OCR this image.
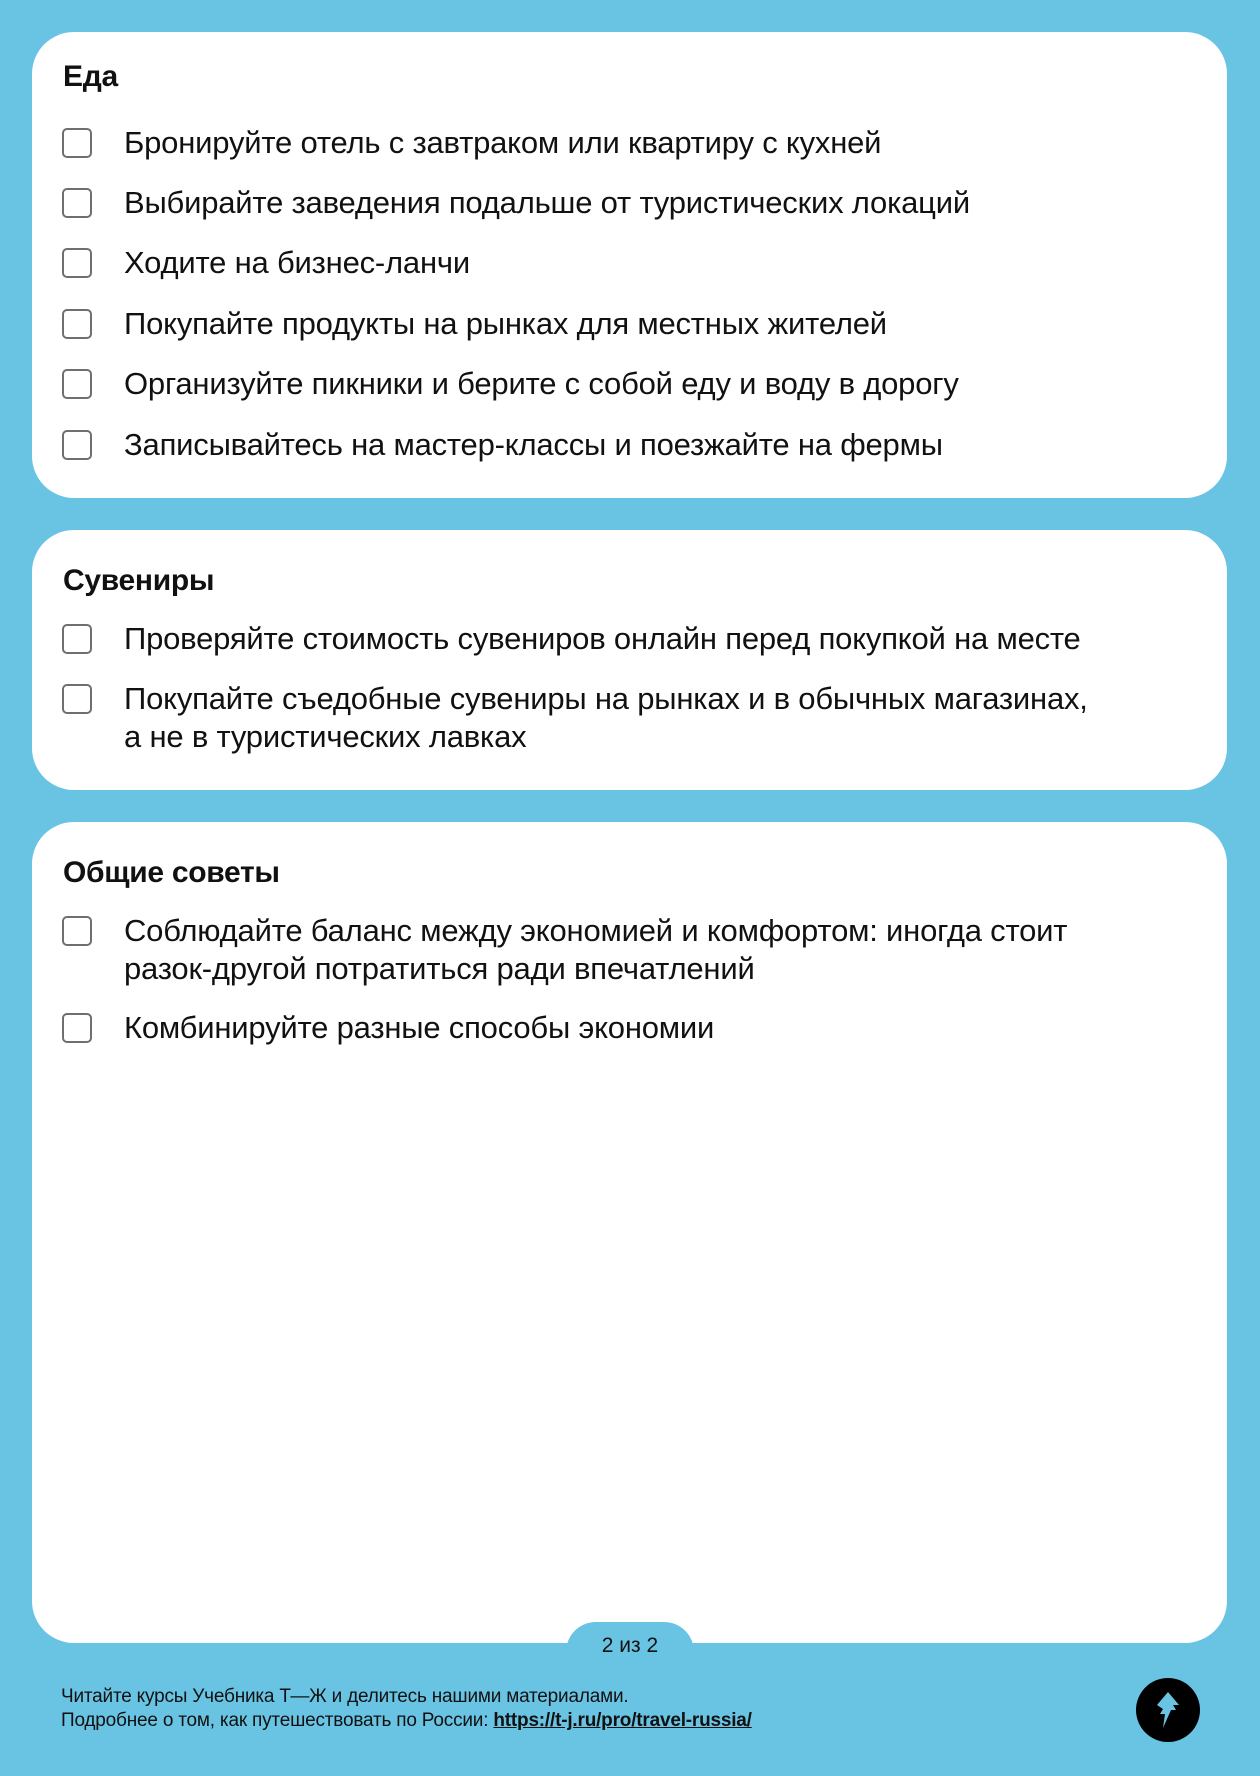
Еда
Бронируйте отель с завтраком или квартиру с кухней
Выбирайте заведения подальше от туристических локаций
Ходите на бизнес-ланчи
Покупайте продукты на рынках для местных жителей
Организуйте пикники и берите с собой еду и воду в дорогу
Записывайтесь на мастер-классы и поезжайте на фермы
Сувениры
Проверяйте стоимость сувениров онлайн перед покупкой на месте
Покупайте съедобные сувениры на рынках и в обычных магазинах,
а не в туристических лавках
Общие советы
Соблюдайте баланс между экономией и комфортом: иногда стоит
разок-другой потратиться ради впечатлений
Комбинируйте разные способы экономии
2 из 2
Читайте курсы Учебника Т—Ж и делитесь нашими материалами.
Подробнее о том, как путешествовать по России: https://t-j.ru/pro/travel-russia/
